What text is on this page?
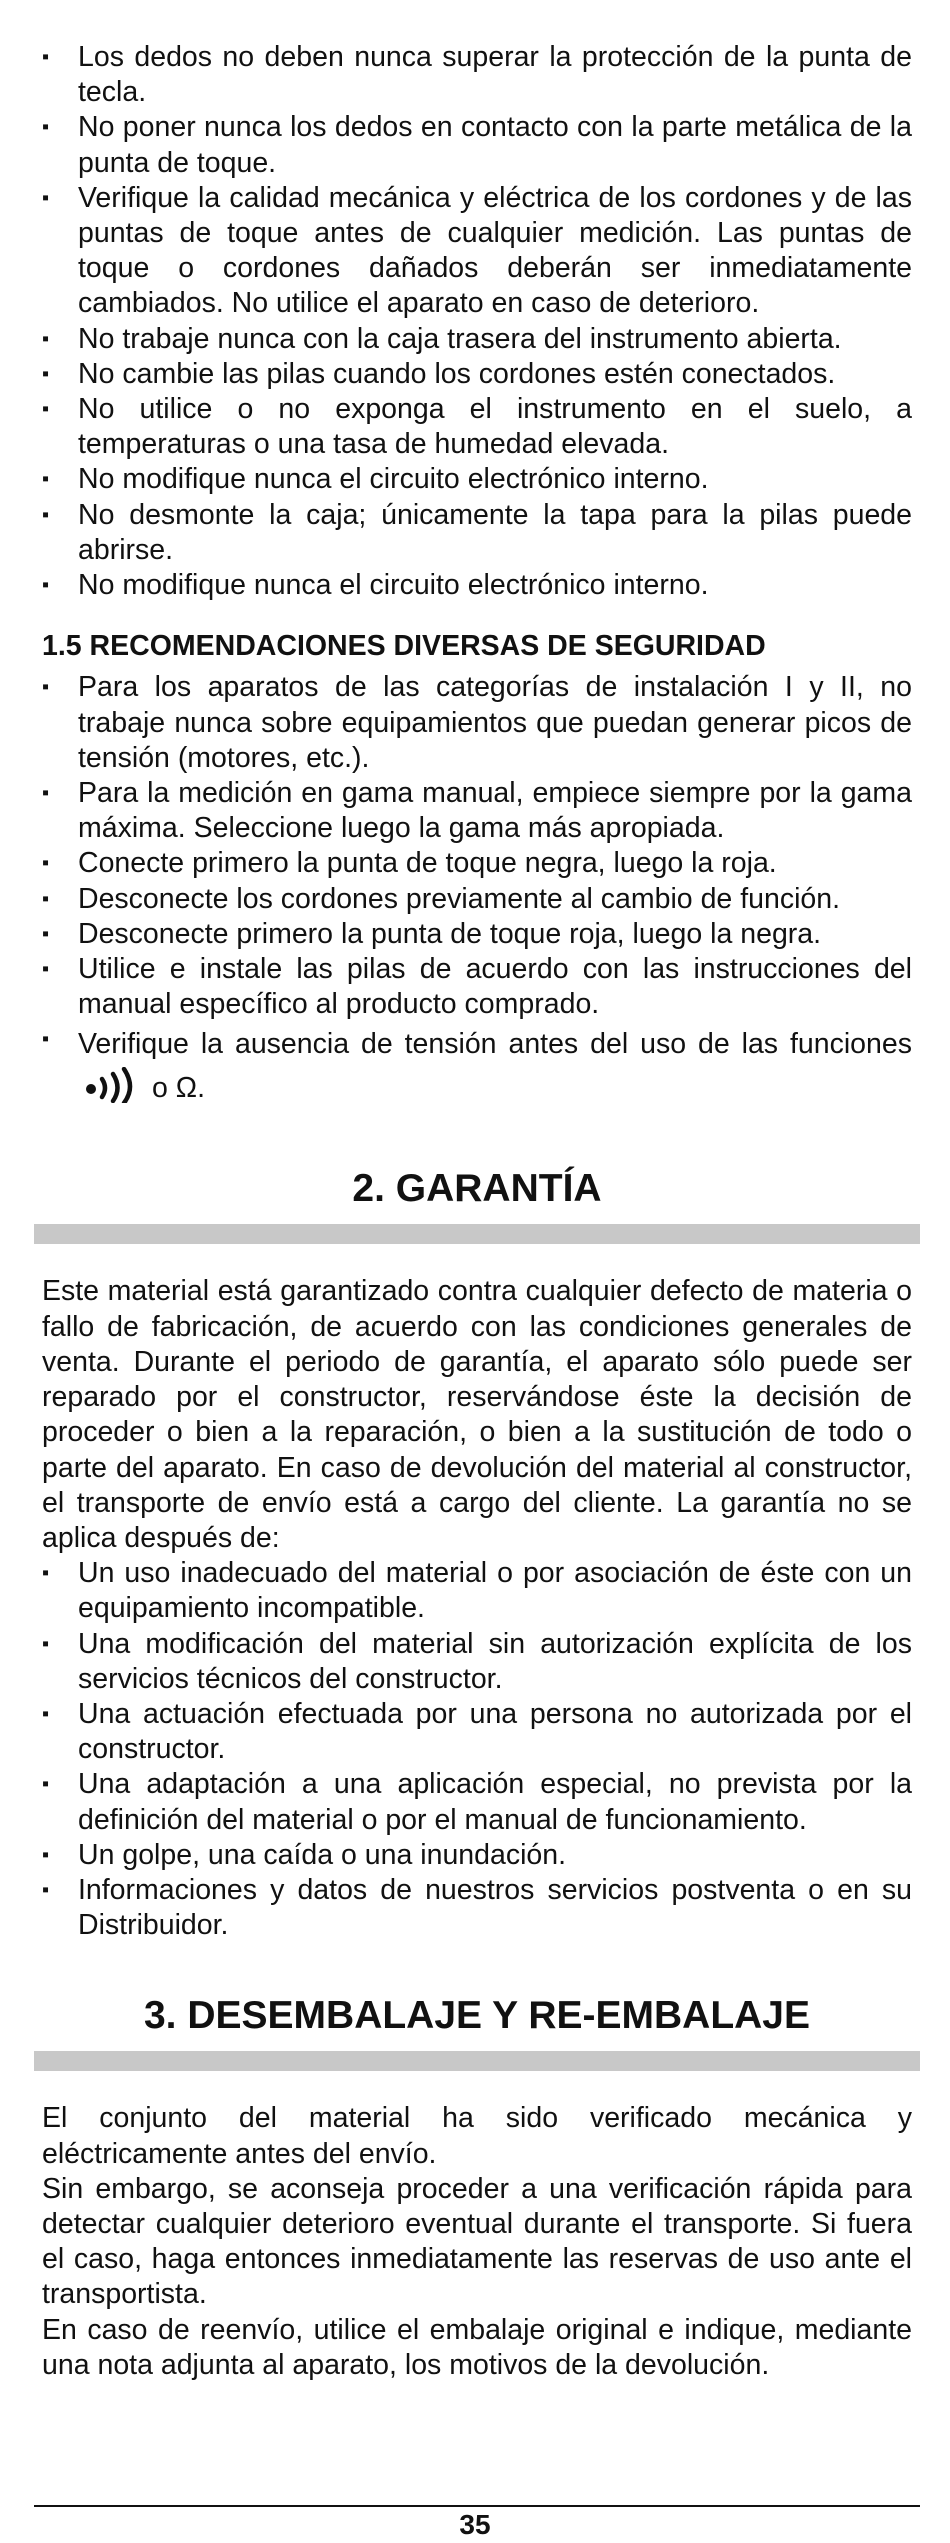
▪	Los dedos no deben nunca superar la protección de la punta de tecla.
▪	No poner nunca los dedos en contacto con la parte metálica de la punta de toque.
▪	Verifique la calidad mecánica y eléctrica de los cordones y de las puntas de toque antes de cualquier medición. Las puntas de toque o cordones dañados deberán ser inmediatamente cambiados. No utilice el aparato en caso de deterioro.
▪	No trabaje nunca con la caja trasera del instrumento abierta.
▪	No cambie las pilas cuando los cordones estén conectados.
▪	No utilice o no exponga el instrumento en el suelo, a temperaturas o una tasa de humedad elevada.
▪	No modifique nunca el circuito electrónico interno.
▪	No desmonte la caja; únicamente la tapa para la pilas puede abrirse.
▪	No modifique nunca el circuito electrónico interno.
1.5 RECOMENDACIONES DIVERSAS DE SEGURIDAD
▪	Para los aparatos de las categorías de instalación I y II, no trabaje nunca sobre equipamientos que puedan generar picos de tensión (motores, etc.).
▪	Para la medición en gama manual, empiece siempre por la gama máxima. Seleccione luego la gama más apropiada.
▪	Conecte primero la punta de toque negra, luego la roja.
▪	Desconecte los cordones previamente al cambio de función.
▪	Desconecte primero la punta de toque roja, luego la negra.
▪	Utilice e instale las pilas de acuerdo con las instrucciones del manual específico al producto comprado.
▪	Verifique la ausencia de tensión antes del uso de las funcioneso Ω.
2. GARANTÍA

Este material está garantizado contra cualquier defecto de materia o fallo de fabricación, de acuerdo con las condiciones generales de venta. Durante el periodo de garantía, el aparato sólo puede ser reparado por el constructor, reservándose éste la decisión de proceder o bien a la reparación, o bien a la sustitución de todo o parte del aparato. En caso de devolución del material al constructor, el transporte de envío está a cargo del cliente. La garantía no se aplica después de:

▪	Un uso inadecuado del material o por asociación de éste con un equipamiento incompatible.
▪	Una modificación del material sin autorización explícita de los servicios técnicos del constructor.
▪	Una actuación efectuada por una persona no autorizada por el constructor.
▪	Una adaptación a una aplicación especial, no prevista por la definición del material o por el manual de funcionamiento.
▪	Un golpe, una caída o una inundación.
▪	Informaciones y datos de nuestros servicios postventa o en su Distribuidor.
3. DESEMBALAJE Y RE-EMBALAJE

El conjunto del material ha sido verificado mecánica y eléctricamente antes del envío.

Sin embargo, se aconseja proceder a una verificación rápida para detectar cualquier deterioro eventual durante el transporte. Si fuera el caso, haga entonces inmediatamente las reservas de uso ante el transportista.

En caso de reenvío, utilice el embalaje original e indique, mediante una nota adjunta al aparato, los motivos de la devolución.

35
